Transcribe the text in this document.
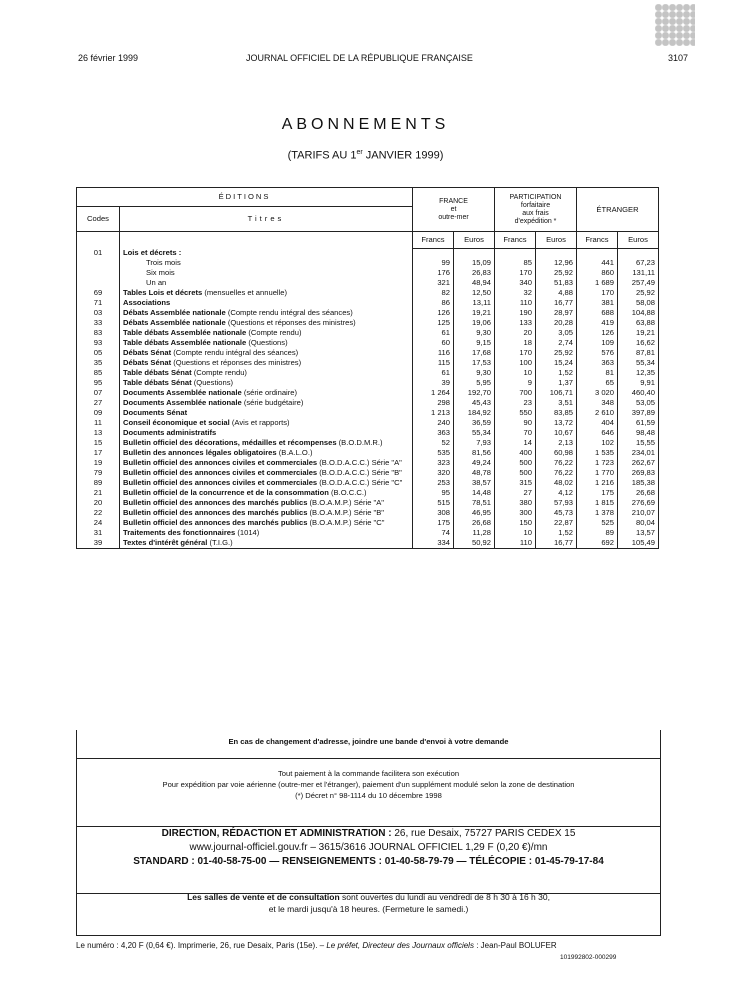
26 février 1999	JOURNAL OFFICIEL DE LA RÉPUBLIQUE FRANÇAISE	3107
ABONNEMENTS
(TARIFS AU 1er JANVIER 1999)
ÉDITIONS		FRANCE
et
outre-mer		PARTICIPATION
forfaitaire
aux frais
d'expédition *		ÉTRANGER	
Codes	Titres						
		Francs	Euros	Francs	Euros	Francs	Euros
01	Lois et décrets :						
	Trois mois	99	15,09	85	12,96	441	67,23
	Six mois	176	26,83	170	25,92	860	131,11
	Un an	321	48,94	340	51,83	1 689	257,49
69	Tables Lois et décrets (mensuelles et annuelle)	82	12,50	32	4,88	170	25,92
71	Associations	86	13,11	110	16,77	381	58,08
03	Débats Assemblée nationale (Compte rendu intégral des séances)	126	19,21	190	28,97	688	104,88
33	Débats Assemblée nationale (Questions et réponses des ministres)	125	19,06	133	20,28	419	63,88
83	Table débats Assemblée nationale (Compte rendu)	61	9,30	20	3,05	126	19,21
93	Table débats Assemblée nationale (Questions)	60	9,15	18	2,74	109	16,62
05	Débats Sénat (Compte rendu intégral des séances)	116	17,68	170	25,92	576	87,81
35	Débats Sénat (Questions et réponses des ministres)	115	17,53	100	15,24	363	55,34
85	Table débats Sénat (Compte rendu)	61	9,30	10	1,52	81	12,35
95	Table débats Sénat (Questions)	39	5,95	9	1,37	65	9,91
07	Documents Assemblée nationale (série ordinaire)	1 264	192,70	700	106,71	3 020	460,40
27	Documents Assemblée nationale (série budgétaire)	298	45,43	23	3,51	348	53,05
09	Documents Sénat	1 213	184,92	550	83,85	2 610	397,89
11	Conseil économique et social (Avis et rapports)	240	36,59	90	13,72	404	61,59
13	Documents administratifs	363	55,34	70	10,67	646	98,48
15	Bulletin officiel des décorations, médailles et récompenses (B.O.D.M.R.)	52	7,93	14	2,13	102	15,55
17	Bulletin des annonces légales obligatoires (B.A.L.O.)	535	81,56	400	60,98	1 535	234,01
19	Bulletin officiel des annonces civiles et commerciales (B.O.D.A.C.C.) Série "A"	323	49,24	500	76,22	1 723	262,67
79	Bulletin officiel des annonces civiles et commerciales (B.O.D.A.C.C.) Série "B"	320	48,78	500	76,22	1 770	269,83
89	Bulletin officiel des annonces civiles et commerciales (B.O.D.A.C.C.) Série "C"	253	38,57	315	48,02	1 216	185,38
21	Bulletin officiel de la concurrence et de la consommation (B.O.C.C.)	95	14,48	27	4,12	175	26,68
20	Bulletin officiel des annonces des marchés publics (B.O.A.M.P.) Série "A"	515	78,51	380	57,93	1 815	276,69
22	Bulletin officiel des annonces des marchés publics (B.O.A.M.P.) Série "B"	308	46,95	300	45,73	1 378	210,07
24	Bulletin officiel des annonces des marchés publics (B.O.A.M.P.) Série "C"	175	26,68	150	22,87	525	80,04
31	Traitements des fonctionnaires (1014)	74	11,28	10	1,52	89	13,57
39	Textes d'intérêt général (T.I.G.)	334	50,92	110	16,77	692	105,49
En cas de changement d'adresse, joindre une bande d'envoi à votre demande
Tout paiement à la commande facilitera son exécution
Pour expédition par voie aérienne (outre-mer et l'étranger), paiement d'un supplément modulé selon la zone de destination
(*) Décret n° 98-1114 du 10 décembre 1998
DIRECTION, RÉDACTION ET ADMINISTRATION : 26, rue Desaix, 75727 PARIS CEDEX 15
www.journal-officiel.gouv.fr – 3615/3616 JOURNAL OFFICIEL 1,29 F (0,20 €)/mn
STANDARD : 01-40-58-75-00 — RENSEIGNEMENTS : 01-40-58-79-79 — TÉLÉCOPIE : 01-45-79-17-84
Les salles de vente et de consultation sont ouvertes du lundi au vendredi de 8 h 30 à 16 h 30,
et le mardi jusqu'à 18 heures. (Fermeture le samedi.)
Le numéro : 4,20 F (0,64 €). Imprimerie, 26, rue Desaix, Paris (15e). – Le préfet, Directeur des Journaux officiels : Jean-Paul BOLUFER
101992802-000299
